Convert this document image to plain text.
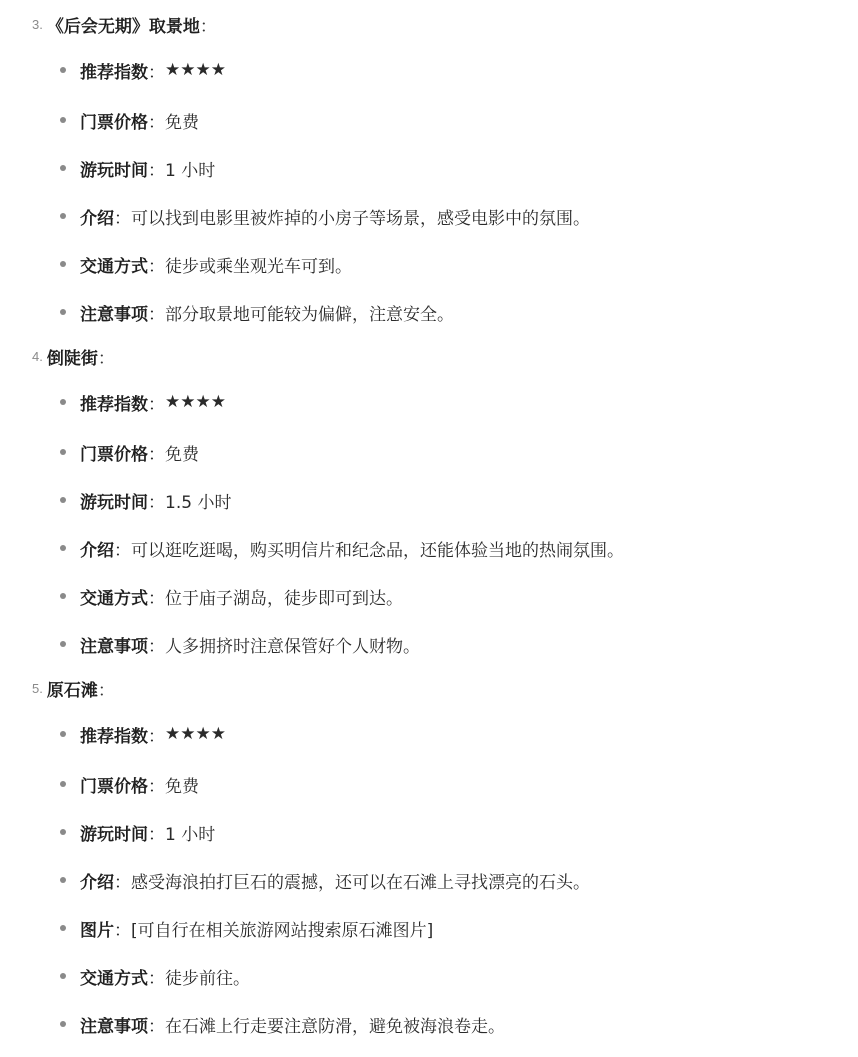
3. 《后会无期》取景地 ：
推荐指数 ： ★★★★
门票价格 ： 免费
游玩时间 ： 1 小时
介绍 ： 可以找到电影里被炸掉的小房子等场景，感受电影中的氛围。
交通方式 ： 徒步或乘坐观光车可到。
注意事项 ： 部分取景地可能较为偏僻，注意安全。
4. 倒陡街 ：
推荐指数 ： ★★★★
门票价格 ： 免费
游玩时间 ： 1.5 小时
介绍 ： 可以逛吃逛喝，购买明信片和纪念品，还能体验当地的热闹氛围。
交通方式 ： 位于庙子湖岛，徒步即可到达。
注意事项 ： 人多拥挤时注意保管好个人财物。
5. 原石滩 ：
推荐指数 ： ★★★★
门票价格 ： 免费
游玩时间 ： 1 小时
介绍 ： 感受海浪拍打巨石的震撼，还可以在石滩上寻找漂亮的石头。
图片 ： [可自行在相关旅游网站搜索原石滩图片]
交通方式 ： 徒步前往。
注意事项 ： 在石滩上行走要注意防滑，避免被海浪卷走。
